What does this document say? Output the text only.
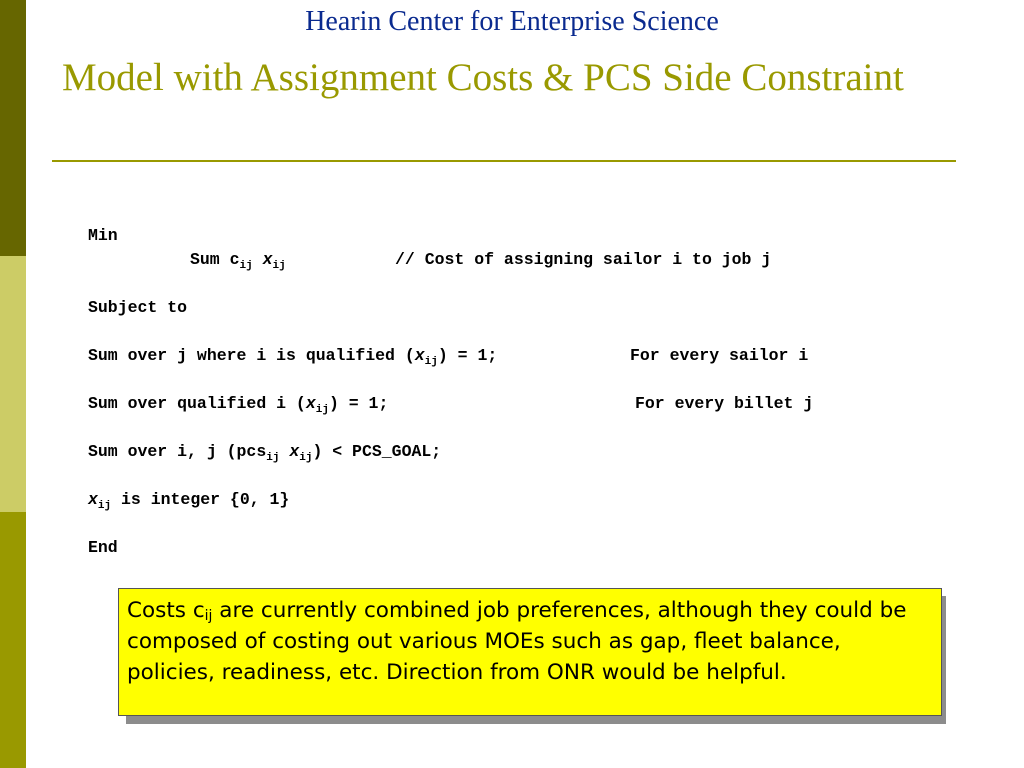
Hearin Center for Enterprise Science
Model with Assignment Costs & PCS Side Constraint
Min
Sum $c_{ij}$ $x_{ij}$	// Cost of assigning sailor i to job j
Subject to
Sum over j where i is qualified $(x_{ij}) = 1$;	For every sailor i
Sum over qualified i $(x_{ij}) = 1$;	For every billet j
Sum over i, j (pcs$_{ij}$ $x_{ij}$) < PCS_GOAL;
$x_{ij}$ is integer {0, 1}
End
Costs $c_{ij}$ are currently combined job preferences, although they could be composed of costing out various MOEs such as gap, fleet balance, policies, readiness, etc. Direction from ONR would be helpful.
